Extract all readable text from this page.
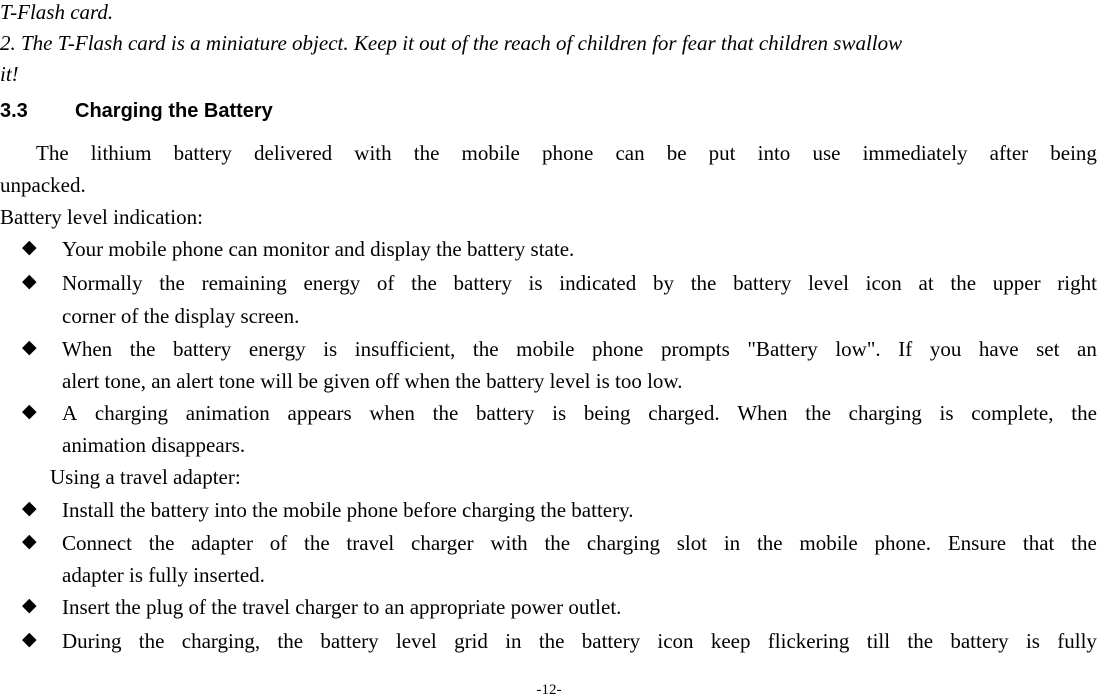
T-Flash card.
2. The T-Flash card is a miniature object. Keep it out of the reach of children for fear that children swallow
it!
3.3 Charging the Battery
The lithium battery delivered with the mobile phone can be put into use immediately after being
unpacked.
Battery level indication:
◆ Your mobile phone can monitor and display the battery state.
◆ Normally the remaining energy of the battery is indicated by the battery level icon at the upper right
corner of the display screen.
◆ When the battery energy is insufficient, the mobile phone prompts "Battery low". If you have set an
alert tone, an alert tone will be given off when the battery level is too low.
◆ A charging animation appears when the battery is being charged. When the charging is complete, the
animation disappears.
Using a travel adapter:
◆ Install the battery into the mobile phone before charging the battery.
◆ Connect the adapter of the travel charger with the charging slot in the mobile phone. Ensure that the
adapter is fully inserted.
◆ Insert the plug of the travel charger to an appropriate power outlet.
◆ During the charging, the battery level grid in the battery icon keep flickering till the battery is fully
-12-
